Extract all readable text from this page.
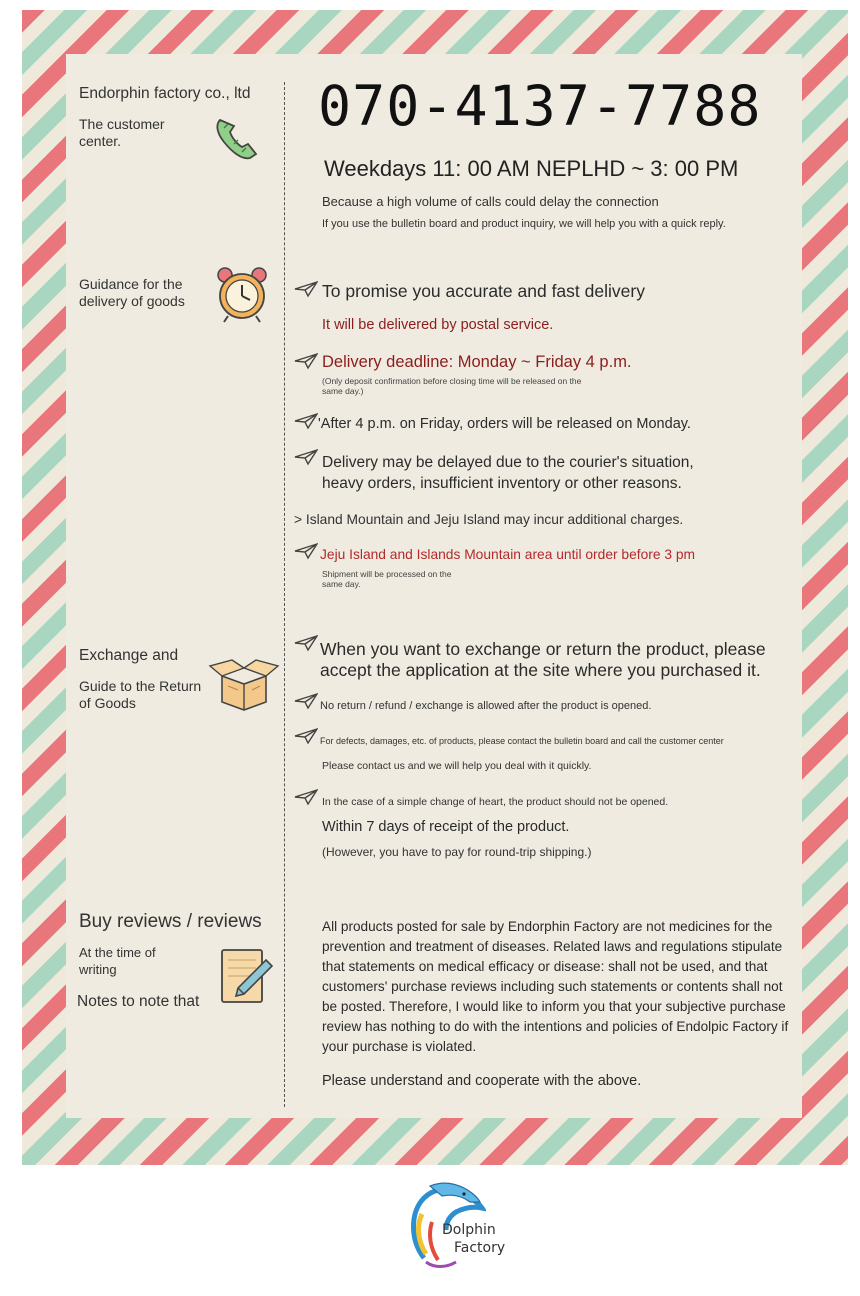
Endorphin factory co., ltd
The customer
center.
070-4137-7788
Weekdays 11: 00 AM NEPLHD ~ 3: 00 PM
Because a high volume of calls could delay the connection
If you use the bulletin board and product inquiry, we will help you with a quick reply.
Guidance for the
delivery of goods	To promise you accurate and fast delivery
It will be delivered by postal service.
Delivery deadline: Monday ~ Friday 4 p.m.
(Only deposit confirmation before closing time will be released on the
same day.)
'After 4 p.m. on Friday, orders will be released on Monday.
Delivery may be delayed due to the courier's situation,
heavy orders, insufficient inventory or other reasons.
> Island Mountain and Jeju Island may incur additional charges.
Jeju Island and Islands Mountain area until order before 3 pm
Shipment will be processed on the
same day.
Exchange and
Guide to the Return
of Goods
When you want to exchange or return the product, please
accept the application at the site where you purchased it.
No return / refund / exchange is allowed after the product is opened.
For defects, damages, etc. of products, please contact the bulletin board and call the customer center
Please contact us and we will help you deal with it quickly.
In the case of a simple change of heart, the product should not be opened.
Within 7 days of receipt of the product.
(However, you have to pay for round-trip shipping.)
Buy reviews / reviews
At the time of
writing
Notes to note that
All products posted for sale by Endorphin Factory are not medicines for the prevention and treatment of diseases. Related laws and regulations stipulate that statements on medical efficacy or disease: shall not be used, and that customers' purchase reviews including such statements or contents shall not be posted. Therefore, I would like to inform you that your subjective purchase review has nothing to do with the intentions and policies of Endolpic Factory if your purchase is violated.
Please understand and cooperate with the above.
Dolphin
Factory
